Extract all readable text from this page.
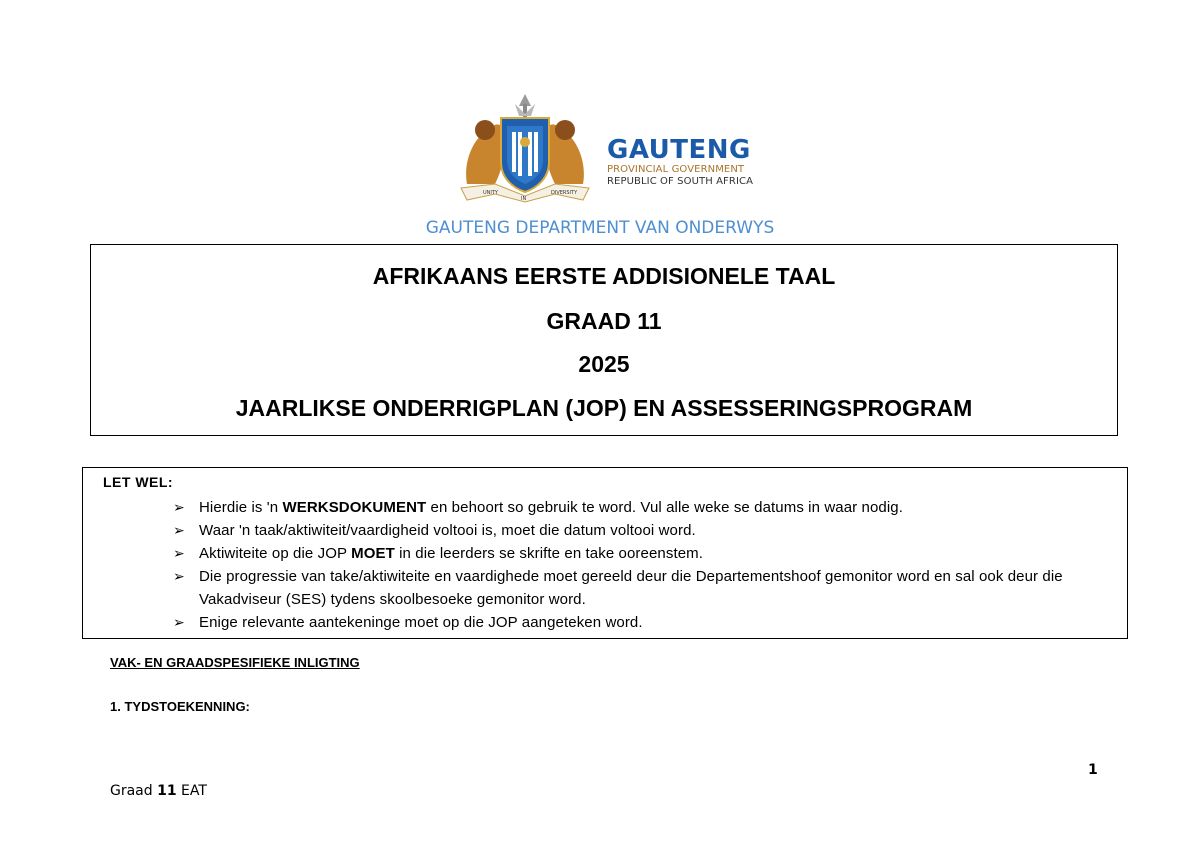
UNITY
IN
DIVERSITY
GAUTENG
PROVINCIAL GOVERNMENT
REPUBLIC OF SOUTH AFRICA
GAUTENG DEPARTMENT VAN ONDERWYS
AFRIKAANS EERSTE ADDISIONELE TAAL
GRAAD 11
2025
JAARLIKSE ONDERRIGPLAN (JOP) EN ASSESSERINGSPROGRAM
LET WEL:
➢ Hierdie is 'n WERKSDOKUMENT en behoort so gebruik te word. Vul alle weke se datums in waar nodig.
➢ Waar 'n taak/aktiwiteit/vaardigheid voltooi is, moet die datum voltooi word.
➢ Aktiwiteite op die JOP MOET in die leerders se skrifte en take ooreenstem.
➢ Die progressie van take/aktiwiteite en vaardighede moet gereeld deur die Departementshoof gemonitor word en sal ook deur die Vakadviseur (SES) tydens skoolbesoeke gemonitor word.
➢ Enige relevante aantekeninge moet op die JOP aangeteken word.
VAK- EN GRAADSPESIFIEKE INLIGTING
1. TYDSTOEKENNING:
1
Graad 11 EAT
